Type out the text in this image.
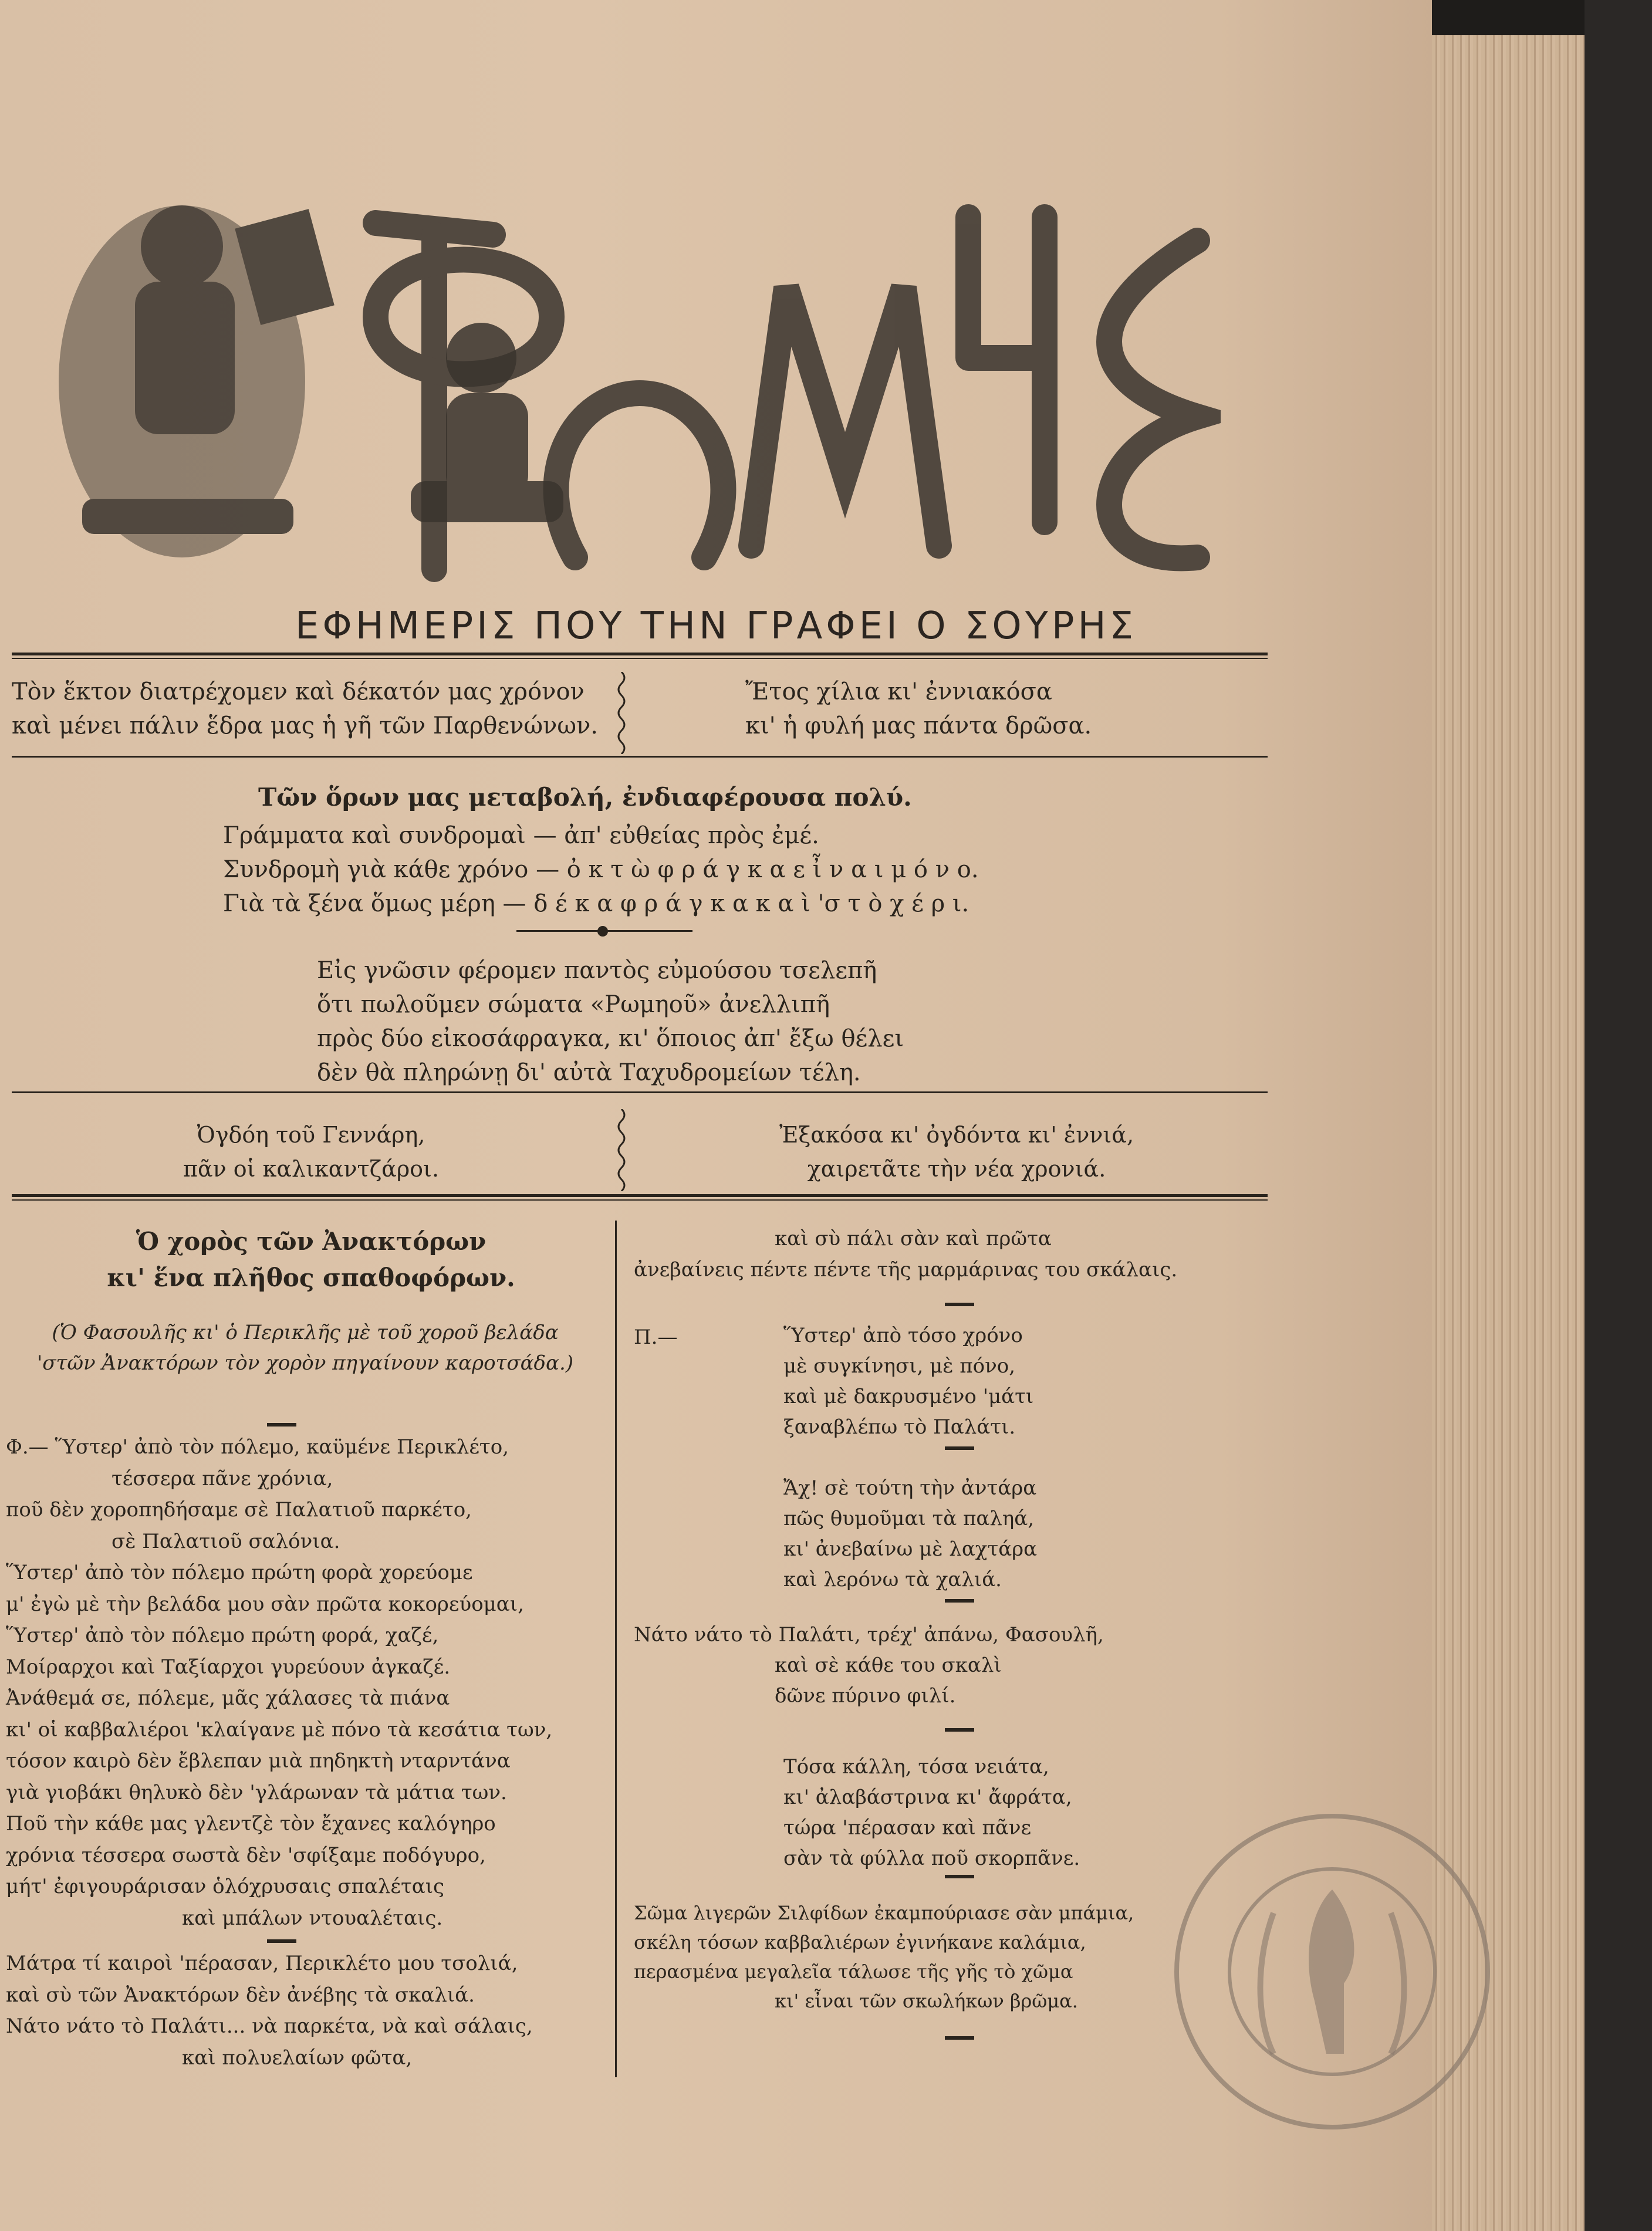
ΕΦΗΜΕΡΙΣ ΠΟΥ ΤΗΝ ΓΡΑΦΕΙ Ο ΣΟΥΡΗΣ
Τὸν ἕκτον διατρέχομεν καὶ δέκατόν μας χρόνον
καὶ μένει πάλιν ἕδρα μας ἡ γῆ τῶν Παρθενώνων.
Ἔτος χίλια κι' ἐννιακόσα
κι' ἡ φυλή μας πάντα δρῶσα.
Τῶν ὅρων μας μεταβολή, ἐνδιαφέρουσα πολύ.
Γράμματα καὶ συνδρομαὶ — ἀπ' εὐθείας πρὸς ἐμέ.
Συνδρομὴ γιὰ κάθε χρόνο — ὀ κ τ ὼ φ ρ ά γ κ α ε ἶ ν α ι μ ό ν ο.
Γιὰ τὰ ξένα ὅμως μέρη — δ έ κ α φ ρ ά γ κ α κ α ὶ 'σ τ ὸ χ έ ρ ι.
Εἰς γνῶσιν φέρομεν παντὸς εὐμούσου τσελεπῆ
ὅτι πωλοῦμεν σώματα «Ρωμηοῦ» ἀνελλιπῆ
πρὸς δύο εἰκοσάφραγκα, κι' ὅποιος ἀπ' ἔξω θέλει
δὲν θὰ πληρώνῃ δι' αὐτὰ Ταχυδρομείων τέλη.
Ὀγδόη τοῦ Γεννάρη,
πᾶν οἱ καλικαντζάροι.
Ἐξακόσα κι' ὀγδόντα κι' ἐννιά,
χαιρετᾶτε τὴν νέα χρονιά.
Ὁ χορὸς τῶν Ἀνακτόρων
κι' ἕνα πλῆθος σπαθοφόρων.
(Ὁ Φασουλῆς κι' ὁ Περικλῆς μὲ τοῦ χοροῦ βελάδα
'στῶν Ἀνακτόρων τὸν χορὸν πηγαίνουν καροτσάδα.)
Φ.— Ὕστερ' ἀπὸ τὸν πόλεμο, καϋμένε Περικλέτο,
τέσσερα πᾶνε χρόνια,
ποῦ δὲν χοροπηδήσαμε σὲ Παλατιοῦ παρκέτο,
σὲ Παλατιοῦ σαλόνια.
Ὕστερ' ἀπὸ τὸν πόλεμο πρώτη φορὰ χορεύομε
μ' ἐγὼ μὲ τὴν βελάδα μου σὰν πρῶτα κοκορεύομαι,
Ὕστερ' ἀπὸ τὸν πόλεμο πρώτη φορά, χαζέ,
Μοίραρχοι καὶ Ταξίαρχοι γυρεύουν ἀγκαζέ.
Ἀνάθεμά σε, πόλεμε, μᾶς χάλασες τὰ πιάνα
κι' οἱ καββαλιέροι 'κλαίγανε μὲ πόνο τὰ κεσάτια των,
τόσον καιρὸ δὲν ἔβλεπαν μιὰ πηδηκτὴ νταρντάνα
γιὰ γιοβάκι θηλυκὸ δὲν 'γλάρωναν τὰ μάτια των.
Ποῦ τὴν κάθε μας γλεντζὲ τὸν ἔχανες καλόγηρο
χρόνια τέσσερα σωστὰ δὲν 'σφίξαμε ποδόγυρο,
μήτ' ἐφιγουράρισαν ὁλόχρυσαις σπαλέταις
καὶ μπάλων ντουαλέταις.
Μάτρα τί καιροὶ 'πέρασαν, Περικλέτο μου τσολιά,
καὶ σὺ τῶν Ἀνακτόρων δὲν ἀνέβης τὰ σκαλιά.
Νάτο νάτο τὸ Παλάτι... νὰ παρκέτα, νὰ καὶ σάλαις,
καὶ πολυελαίων φῶτα,
καὶ σὺ πάλι σὰν καὶ πρῶτα
ἀνεβαίνεις πέντε πέντε τῆς μαρμάρινας του σκάλαις.
Π.—	Ὕστερ' ἀπὸ τόσο χρόνο
μὲ συγκίνησι, μὲ πόνο,
καὶ μὲ δακρυσμένο 'μάτι
ξαναβλέπω τὸ Παλάτι.
Ἄχ! σὲ τούτη τὴν ἀντάρα
πῶς θυμοῦμαι τὰ παληά,
κι' ἀνεβαίνω μὲ λαχτάρα
καὶ λερόνω τὰ χαλιά.
Νάτο νάτο τὸ Παλάτι, τρέχ' ἀπάνω, Φασουλῆ,
καὶ σὲ κάθε του σκαλὶ
δῶνε πύρινο φιλί.
Τόσα κάλλη, τόσα νειάτα,
κι' ἀλαβάστρινα κι' ἄφράτα,
τώρα 'πέρασαν καὶ πᾶνε
σὰν τὰ φύλλα ποῦ σκορπᾶνε.
Σῶμα λιγερῶν Σιλφίδων ἐκαμπούριασε σὰν μπάμια,
σκέλη τόσων καββαλιέρων ἐγινήκανε καλάμια,
περασμένα μεγαλεῖα τάλωσε τῆς γῆς τὸ χῶμα
κι' εἶναι τῶν σκωλήκων βρῶμα.
